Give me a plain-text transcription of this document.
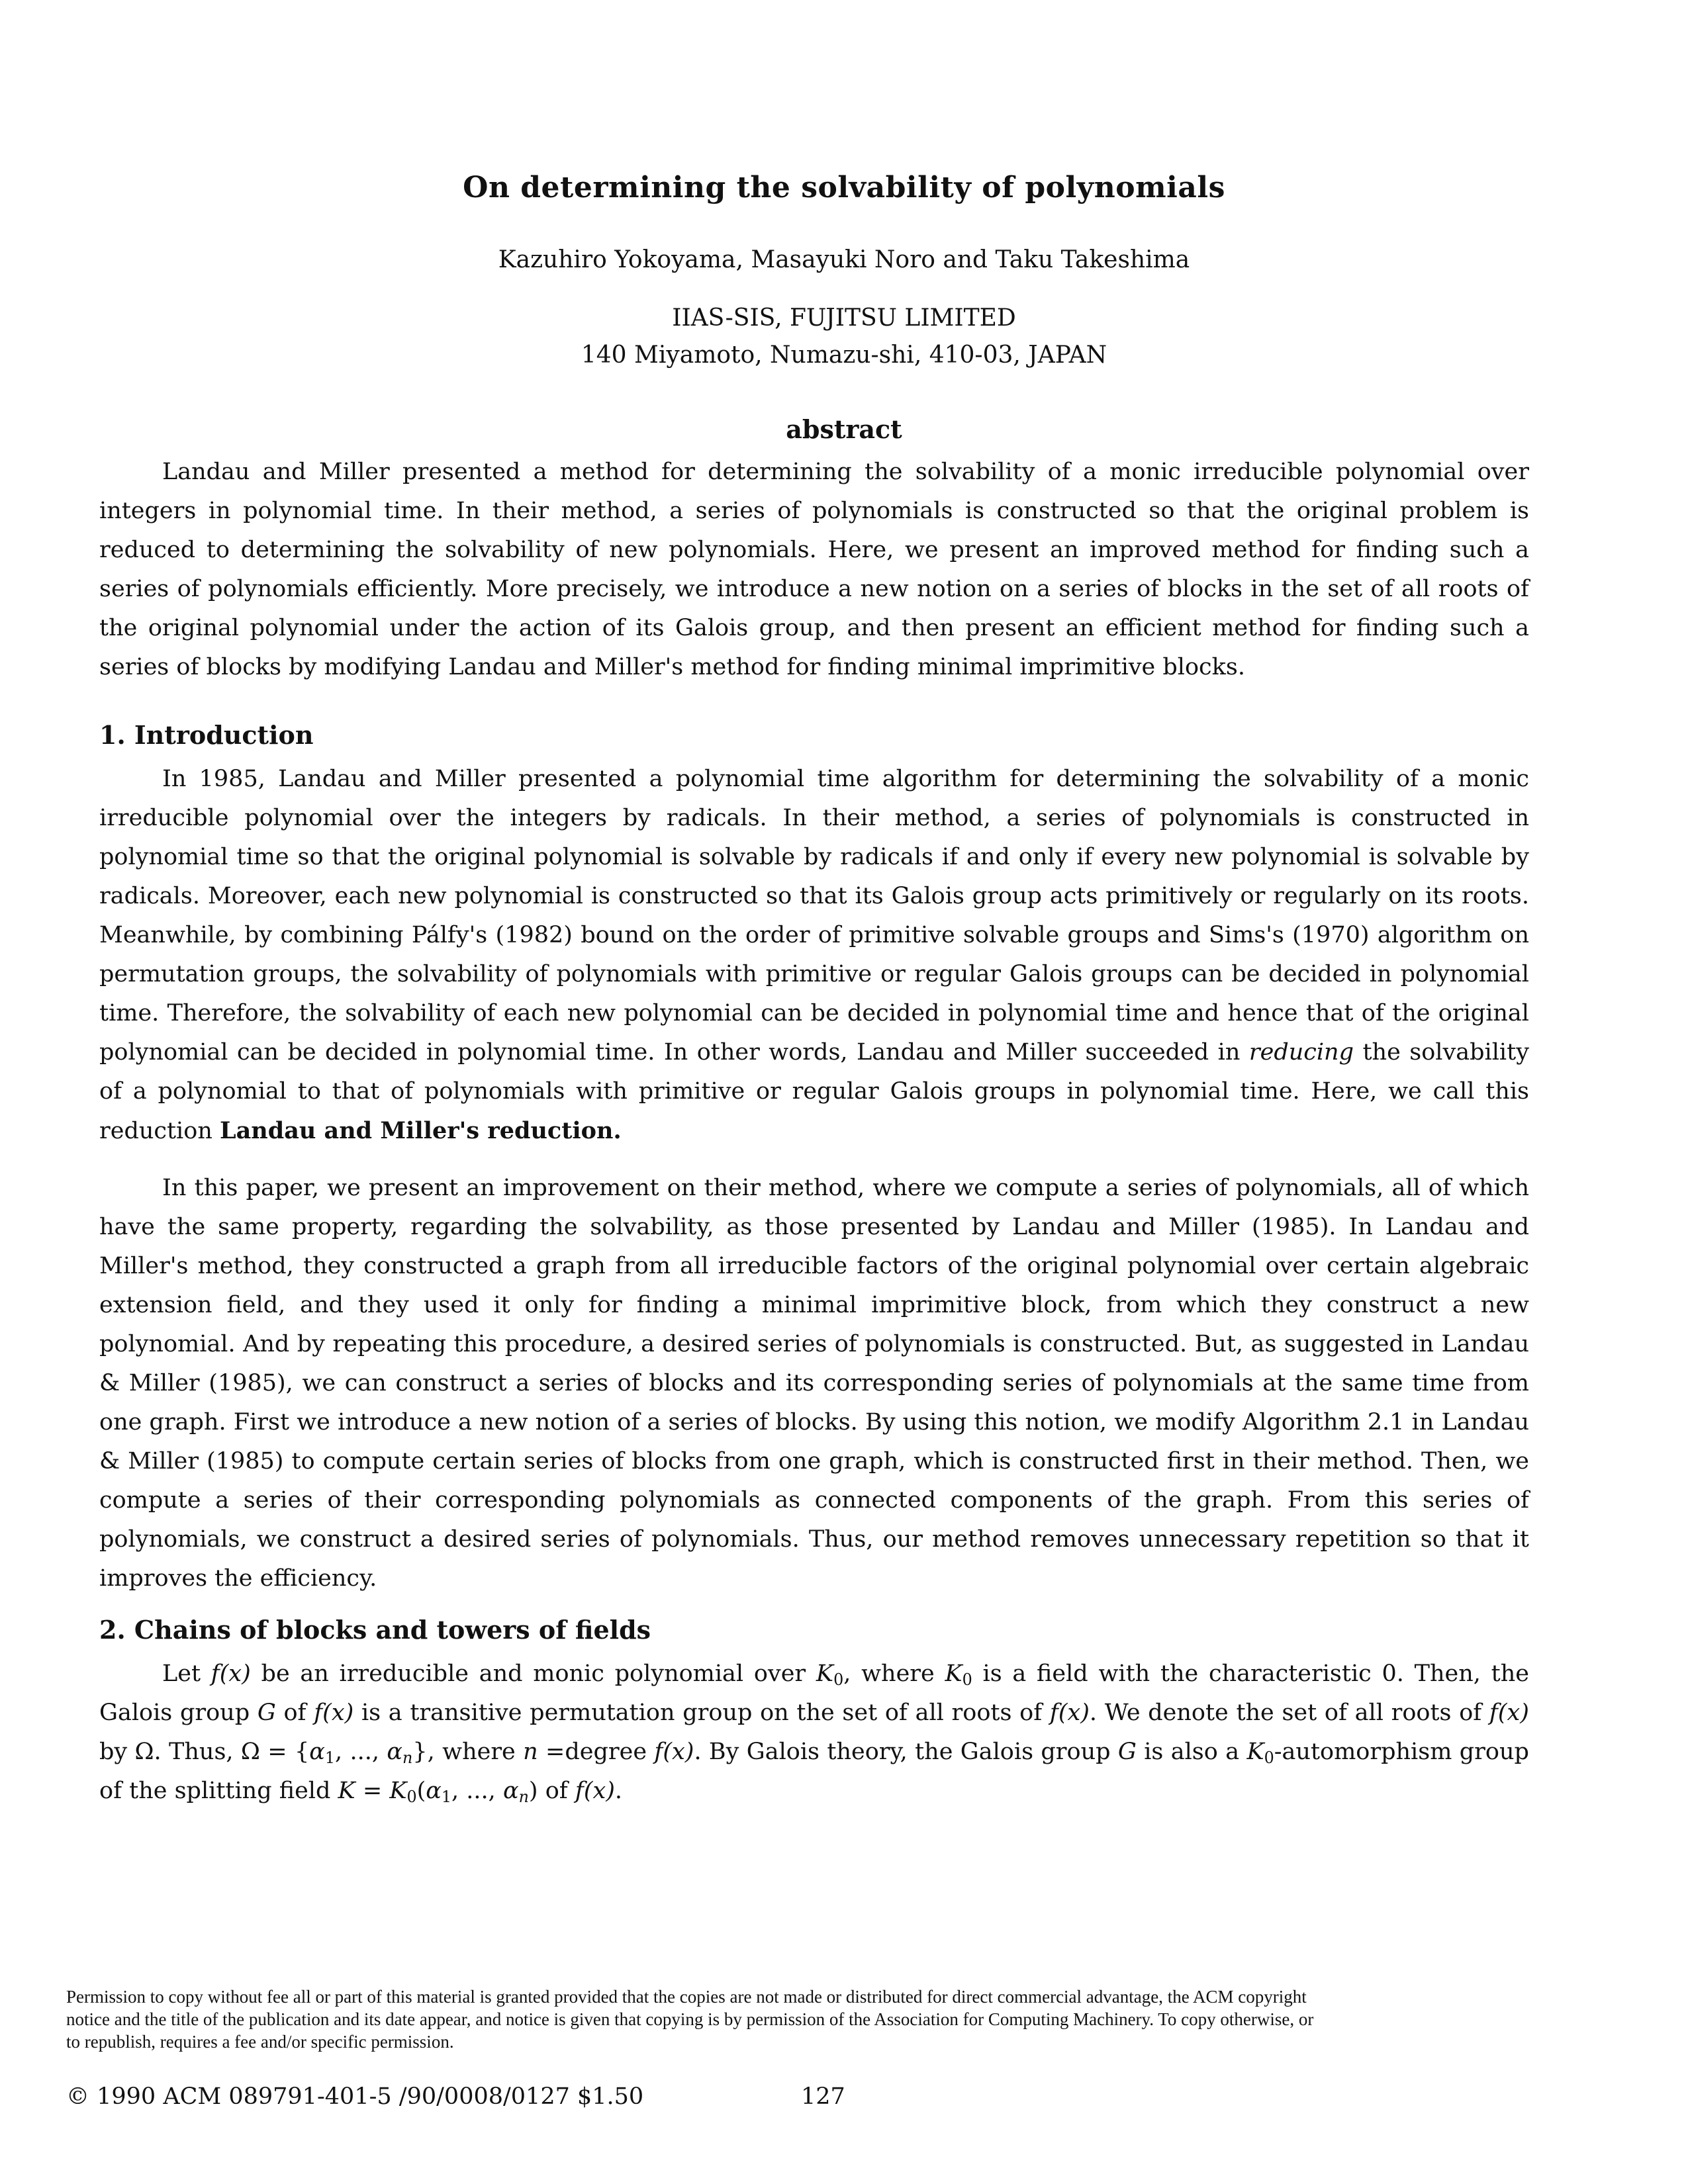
On determining the solvability of polynomials
Kazuhiro Yokoyama, Masayuki Noro and Taku Takeshima
IIAS-SIS, FUJITSU LIMITED
140 Miyamoto, Numazu-shi, 410-03, JAPAN
abstract

Landau and Miller presented a method for determining the solvability of a monic irreducible polynomial over integers in polynomial time. In their method, a series of polynomials is constructed so that the original problem is reduced to determining the solvability of new polynomials. Here, we present an improved method for finding such a series of polynomials efficiently. More precisely, we introduce a new notion on a series of blocks in the set of all roots of the original polynomial under the action of its Galois group, and then present an efficient method for finding such a series of blocks by modifying Landau and Miller's method for finding minimal imprimitive blocks.

1. Introduction

In 1985, Landau and Miller presented a polynomial time algorithm for determining the solvability of a monic irreducible polynomial over the integers by radicals. In their method, a series of polynomials is constructed in polynomial time so that the original polynomial is solvable by radicals if and only if every new polynomial is solvable by radicals. Moreover, each new polynomial is constructed so that its Galois group acts primitively or regularly on its roots. Meanwhile, by combining Pálfy's (1982) bound on the order of primitive solvable groups and Sims's (1970) algorithm on permutation groups, the solvability of polynomials with primitive or regular Galois groups can be decided in polynomial time. Therefore, the solvability of each new polynomial can be decided in polynomial time and hence that of the original polynomial can be decided in polynomial time. In other words, Landau and Miller succeeded in reducing the solvability of a polynomial to that of polynomials with primitive or regular Galois groups in polynomial time. Here, we call this reduction Landau and Miller's reduction.

In this paper, we present an improvement on their method, where we compute a series of polynomials, all of which have the same property, regarding the solvability, as those presented by Landau and Miller (1985). In Landau and Miller's method, they constructed a graph from all irreducible factors of the original polynomial over certain algebraic extension field, and they used it only for finding a minimal imprimitive block, from which they construct a new polynomial. And by repeating this procedure, a desired series of polynomials is constructed. But, as suggested in Landau & Miller (1985), we can construct a series of blocks and its corresponding series of polynomials at the same time from one graph. First we introduce a new notion of a series of blocks. By using this notion, we modify Algorithm 2.1 in Landau & Miller (1985) to compute certain series of blocks from one graph, which is constructed first in their method. Then, we compute a series of their corresponding polynomials as connected components of the graph. From this series of polynomials, we construct a desired series of polynomials. Thus, our method removes unnecessary repetition so that it improves the efficiency.

2. Chains of blocks and towers of fields

Let f(x) be an irreducible and monic polynomial over $K_0$, where $K_0$ is a field with the characteristic 0. Then, the Galois group G of f(x) is a transitive permutation group on the set of all roots of f(x). We denote the set of all roots of f(x) by Ω. Thus, $\Omega = \{\alpha_1$, ..., $\alpha_n$}, where n =degree f(x). By Galois theory, the Galois group G is also a $K_0$-automorphism group of the splitting field $K = K_0(\alpha_1$, ..., $\alpha_n$) of f(x).

Permission to copy without fee all or part of this material is granted provided that the copies are not made or distributed for direct commercial advantage, the ACM copyright notice and the title of the publication and its date appear, and notice is given that copying is by permission of the Association for Computing Machinery. To copy otherwise, or to republish, requires a fee and/or specific permission.

© 1990 ACM 089791-401-5 /90/0008/0127 $1.50	127
